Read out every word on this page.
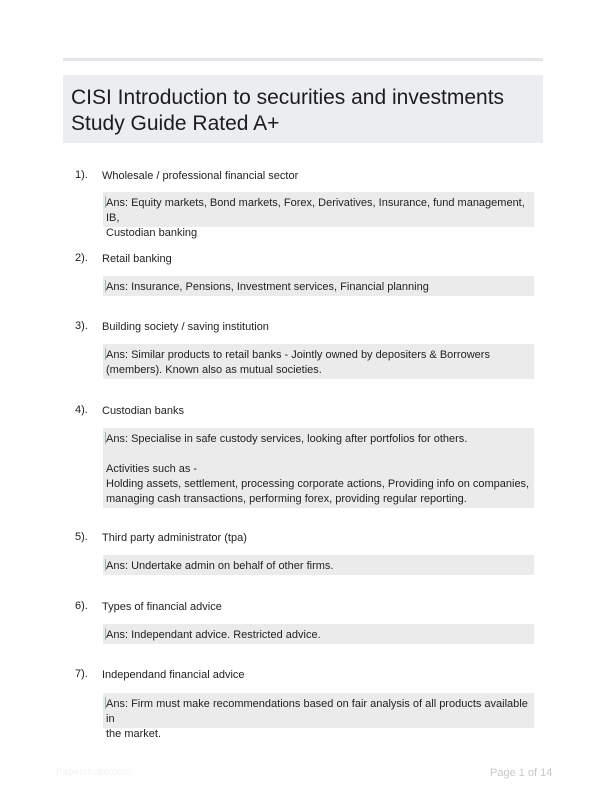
CISI Introduction to securities and investments
Study Guide Rated A+
1). Wholesale / professional financial sector
Ans: Equity markets, Bond markets, Forex, Derivatives, Insurance, fund management, IB,
Custodian banking
2). Retail banking
Ans: Insurance, Pensions, Investment services, Financial planning
3). Building society / saving institution
Ans: Similar products to retail banks - Jointly owned by depositers & Borrowers
(members). Known also as mutual societies.
4). Custodian banks
Ans: Specialise in safe custody services, looking after portfolios for others.

Activities such as -
Holding assets, settlement, processing corporate actions, Providing info on companies,
managing cash transactions, performing forex, providing regular reporting.
5). Third party administrator (tpa)
Ans: Undertake admin on behalf of other firms.
6). Types of financial advice
Ans: Independant advice. Restricted advice.
7). Independand financial advice
Ans: Firm must make recommendations based on fair analysis of all products available in
the market.
Paperstudio.com	Page 1 of 14
